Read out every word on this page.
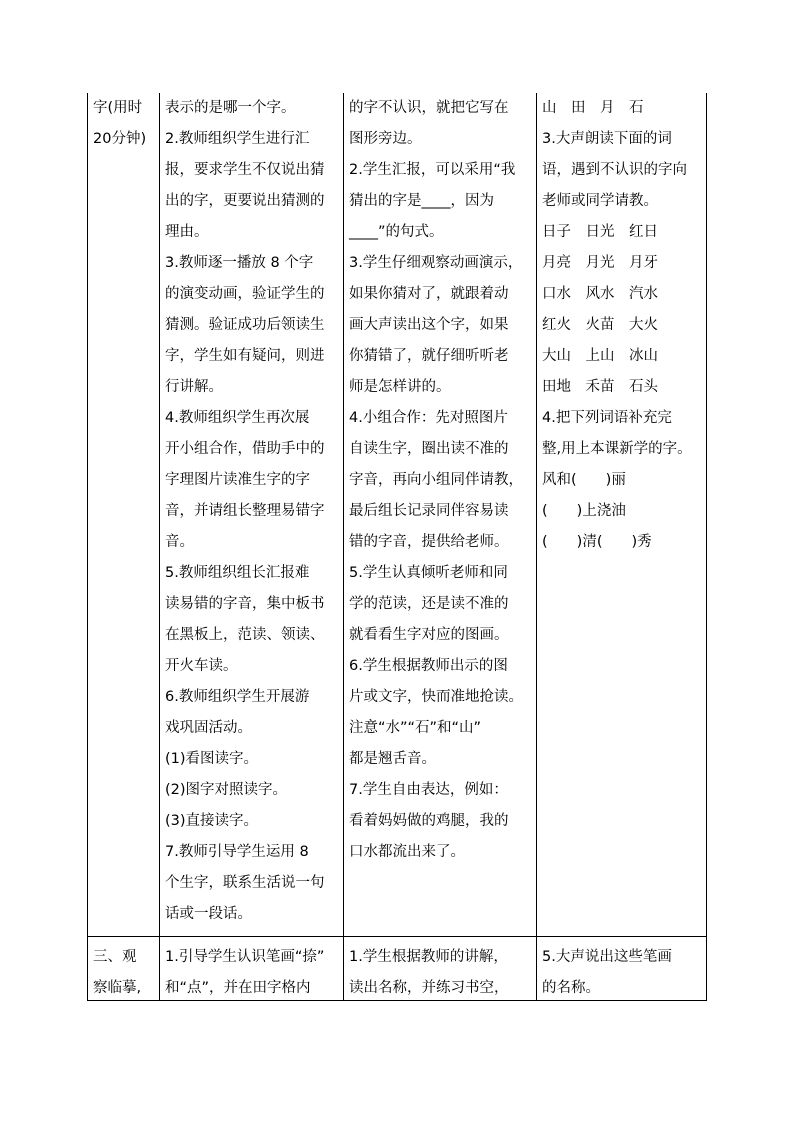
字(用时

20分钟)

表示的是哪一个字。

2.教师组织学生进行汇

报，要求学生不仅说出猜

出的字，更要说出猜测的

理由。

3.教师逐一播放 8 个字

的演变动画，验证学生的

猜测。验证成功后领读生

字，学生如有疑问，则进

行讲解。

4.教师组织学生再次展

开小组合作，借助手中的

字理图片读准生字的字

音，并请组长整理易错字

音。

5.教师组织组长汇报难

读易错的字音，集中板书

在黑板上，范读、领读、

开火车读。

6.教师组织学生开展游

戏巩固活动。

(1)看图读字。

(2)图字对照读字。

(3)直接读字。

7.教师引导学生运用 8

个生字，联系生活说一句

话或一段话。

的字不认识，就把它写在

图形旁边。

2.学生汇报，可以采用“我

猜出的字是____，因为

____”的句式。

3.学生仔细观察动画演示，

如果你猜对了，就跟着动

画大声读出这个字，如果

你猜错了，就仔细听听老

师是怎样讲的。

4.小组合作：先对照图片

自读生字，圈出读不准的

字音，再向小组同伴请教，

最后组长记录同伴容易读

错的字音，提供给老师。

5.学生认真倾听老师和同

学的范读，还是读不准的

就看看生字对应的图画。

6.学生根据教师出示的图

片或文字，快而准地抢读。

注意“水”“石”和“山”

都是翘舌音。

7.学生自由表达，例如：

看着妈妈做的鸡腿，我的

口水都流出来了。

山　田　月　石

3.大声朗读下面的词

语，遇到不认识的字向

老师或同学请教。

日子　日光　红日

月亮　月光　月牙

口水　风水　汽水

红火　火苗　大火

大山　上山　冰山

田地　禾苗　石头

4.把下列词语补充完

整,用上本课新学的字。

风和(　　)丽

(　　)上浇油

(　　)清(　　)秀

三、观

察临摹,

1.引导学生认识笔画“捺”

和“点”，并在田字格内

1.学生根据教师的讲解，

读出名称，并练习书空，

5.大声说出这些笔画

的名称。
